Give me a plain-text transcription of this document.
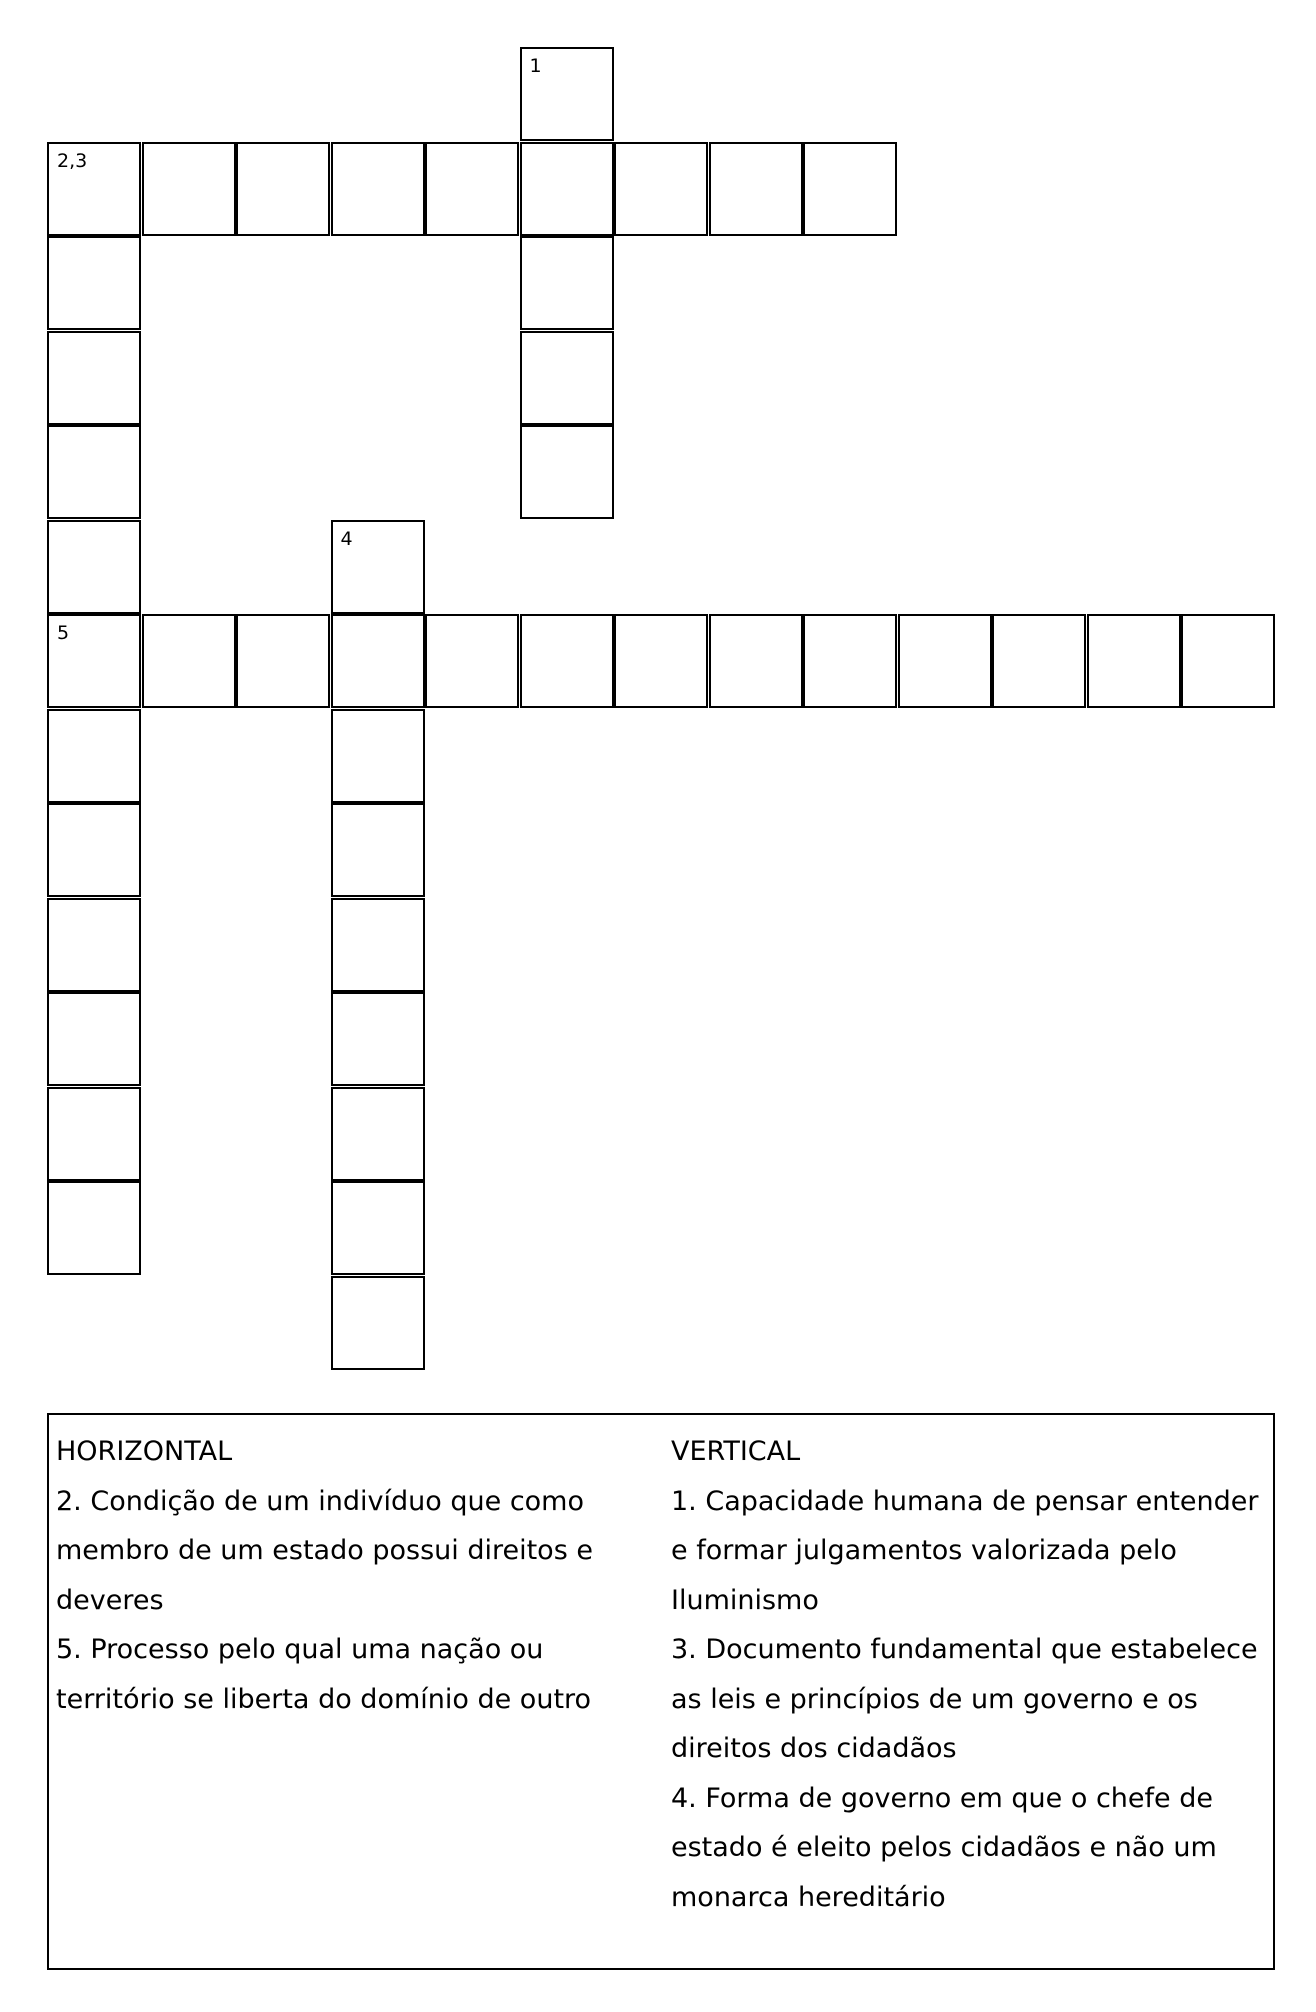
1
2,3
5
4
HORIZONTAL
2. Condição de um indivíduo que como membro de um estado possui direitos e deveres
5. Processo pelo qual uma nação ou território se liberta do domínio de outro
VERTICAL
1. Capacidade humana de pensar entender e formar julgamentos valorizada pelo Iluminismo
3. Documento fundamental que estabelece as leis e princípios de um governo e os direitos dos cidadãos
4. Forma de governo em que o chefe de estado é eleito pelos cidadãos e não um monarca hereditário
